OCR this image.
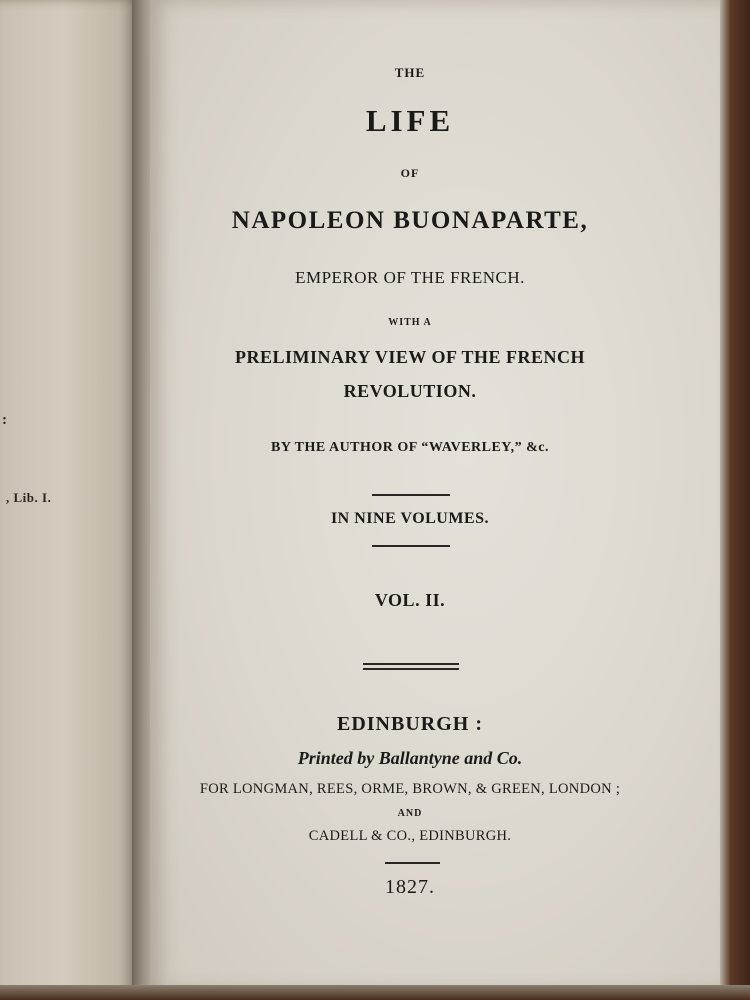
:
, Lib. I.
THE
LIFE
OF
NAPOLEON BUONAPARTE,
EMPEROR OF THE FRENCH.
WITH A
PRELIMINARY VIEW OF THE FRENCH
REVOLUTION.
BY THE AUTHOR OF “WAVERLEY,” &c.
IN NINE VOLUMES.
VOL. II.
EDINBURGH :
Printed by Ballantyne and Co.
FOR LONGMAN, REES, ORME, BROWN, & GREEN, LONDON ;
AND
CADELL & CO., EDINBURGH.
1827.
